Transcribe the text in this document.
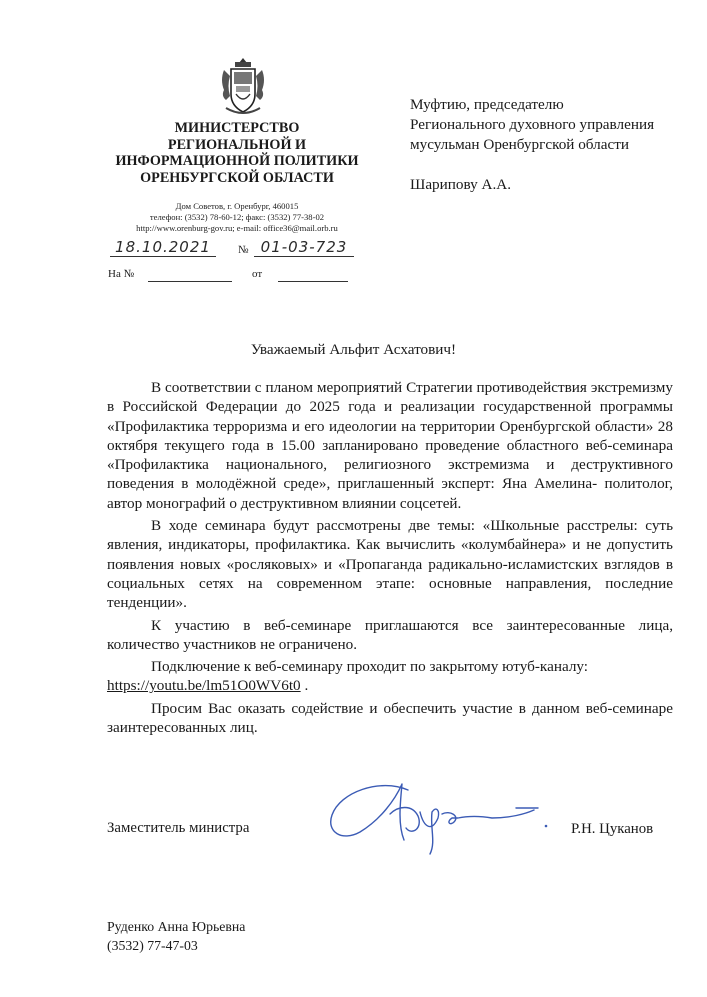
МИНИСТЕРСТВО
РЕГИОНАЛЬНОЙ И
ИНФОРМАЦИОННОЙ ПОЛИТИКИ
ОРЕНБУРГСКОЙ ОБЛАСТИ
Дом Советов, г. Оренбург, 460015
телефон: (3532) 78-60-12; факс: (3532) 77-38-02
http://www.orenburg-gov.ru; e-mail: office36@mail.orb.ru
18.10.2021	№ 01-03-723
На №	от
Муфтию, председателю
Регионального духовного управления
мусульман Оренбургской области
Шарипову А.А.
Уважаемый Альфит Асхатович!

В соответствии с планом мероприятий Стратегии противодействия экстремизму в Российской Федерации до 2025 года и реализации государственной программы «Профилактика терроризма и его идеологии на территории Оренбургской области» 28 октября текущего года в 15.00 запланировано проведение областного веб-семинара «Профилактика национального, религиозного экстремизма и деструктивного поведения в молодёжной среде», приглашенный эксперт: Яна Амелина- политолог, автор монографий о деструктивном влиянии соцсетей.

В ходе семинара будут рассмотрены две темы: «Школьные расстрелы: суть явления, индикаторы, профилактика. Как вычислить «колумбайнера» и не допустить появления новых «росляковых» и «Пропаганда радикально-исламистских взглядов в социальных сетях на современном этапе: основные направления, последние тенденции».

К участию в веб-семинаре приглашаются все заинтересованные лица, количество участников не ограничено.

Подключение к веб-семинару проходит по закрытому ютуб-каналу:

https://youtu.be/lm51O0WV6t0 .

Просим Вас оказать содействие и обеспечить участие в данном веб-семинаре заинтересованных лиц.

Заместитель министра	Р.Н. Цуканов
Руденко Анна Юрьевна
(3532) 77-47-03
